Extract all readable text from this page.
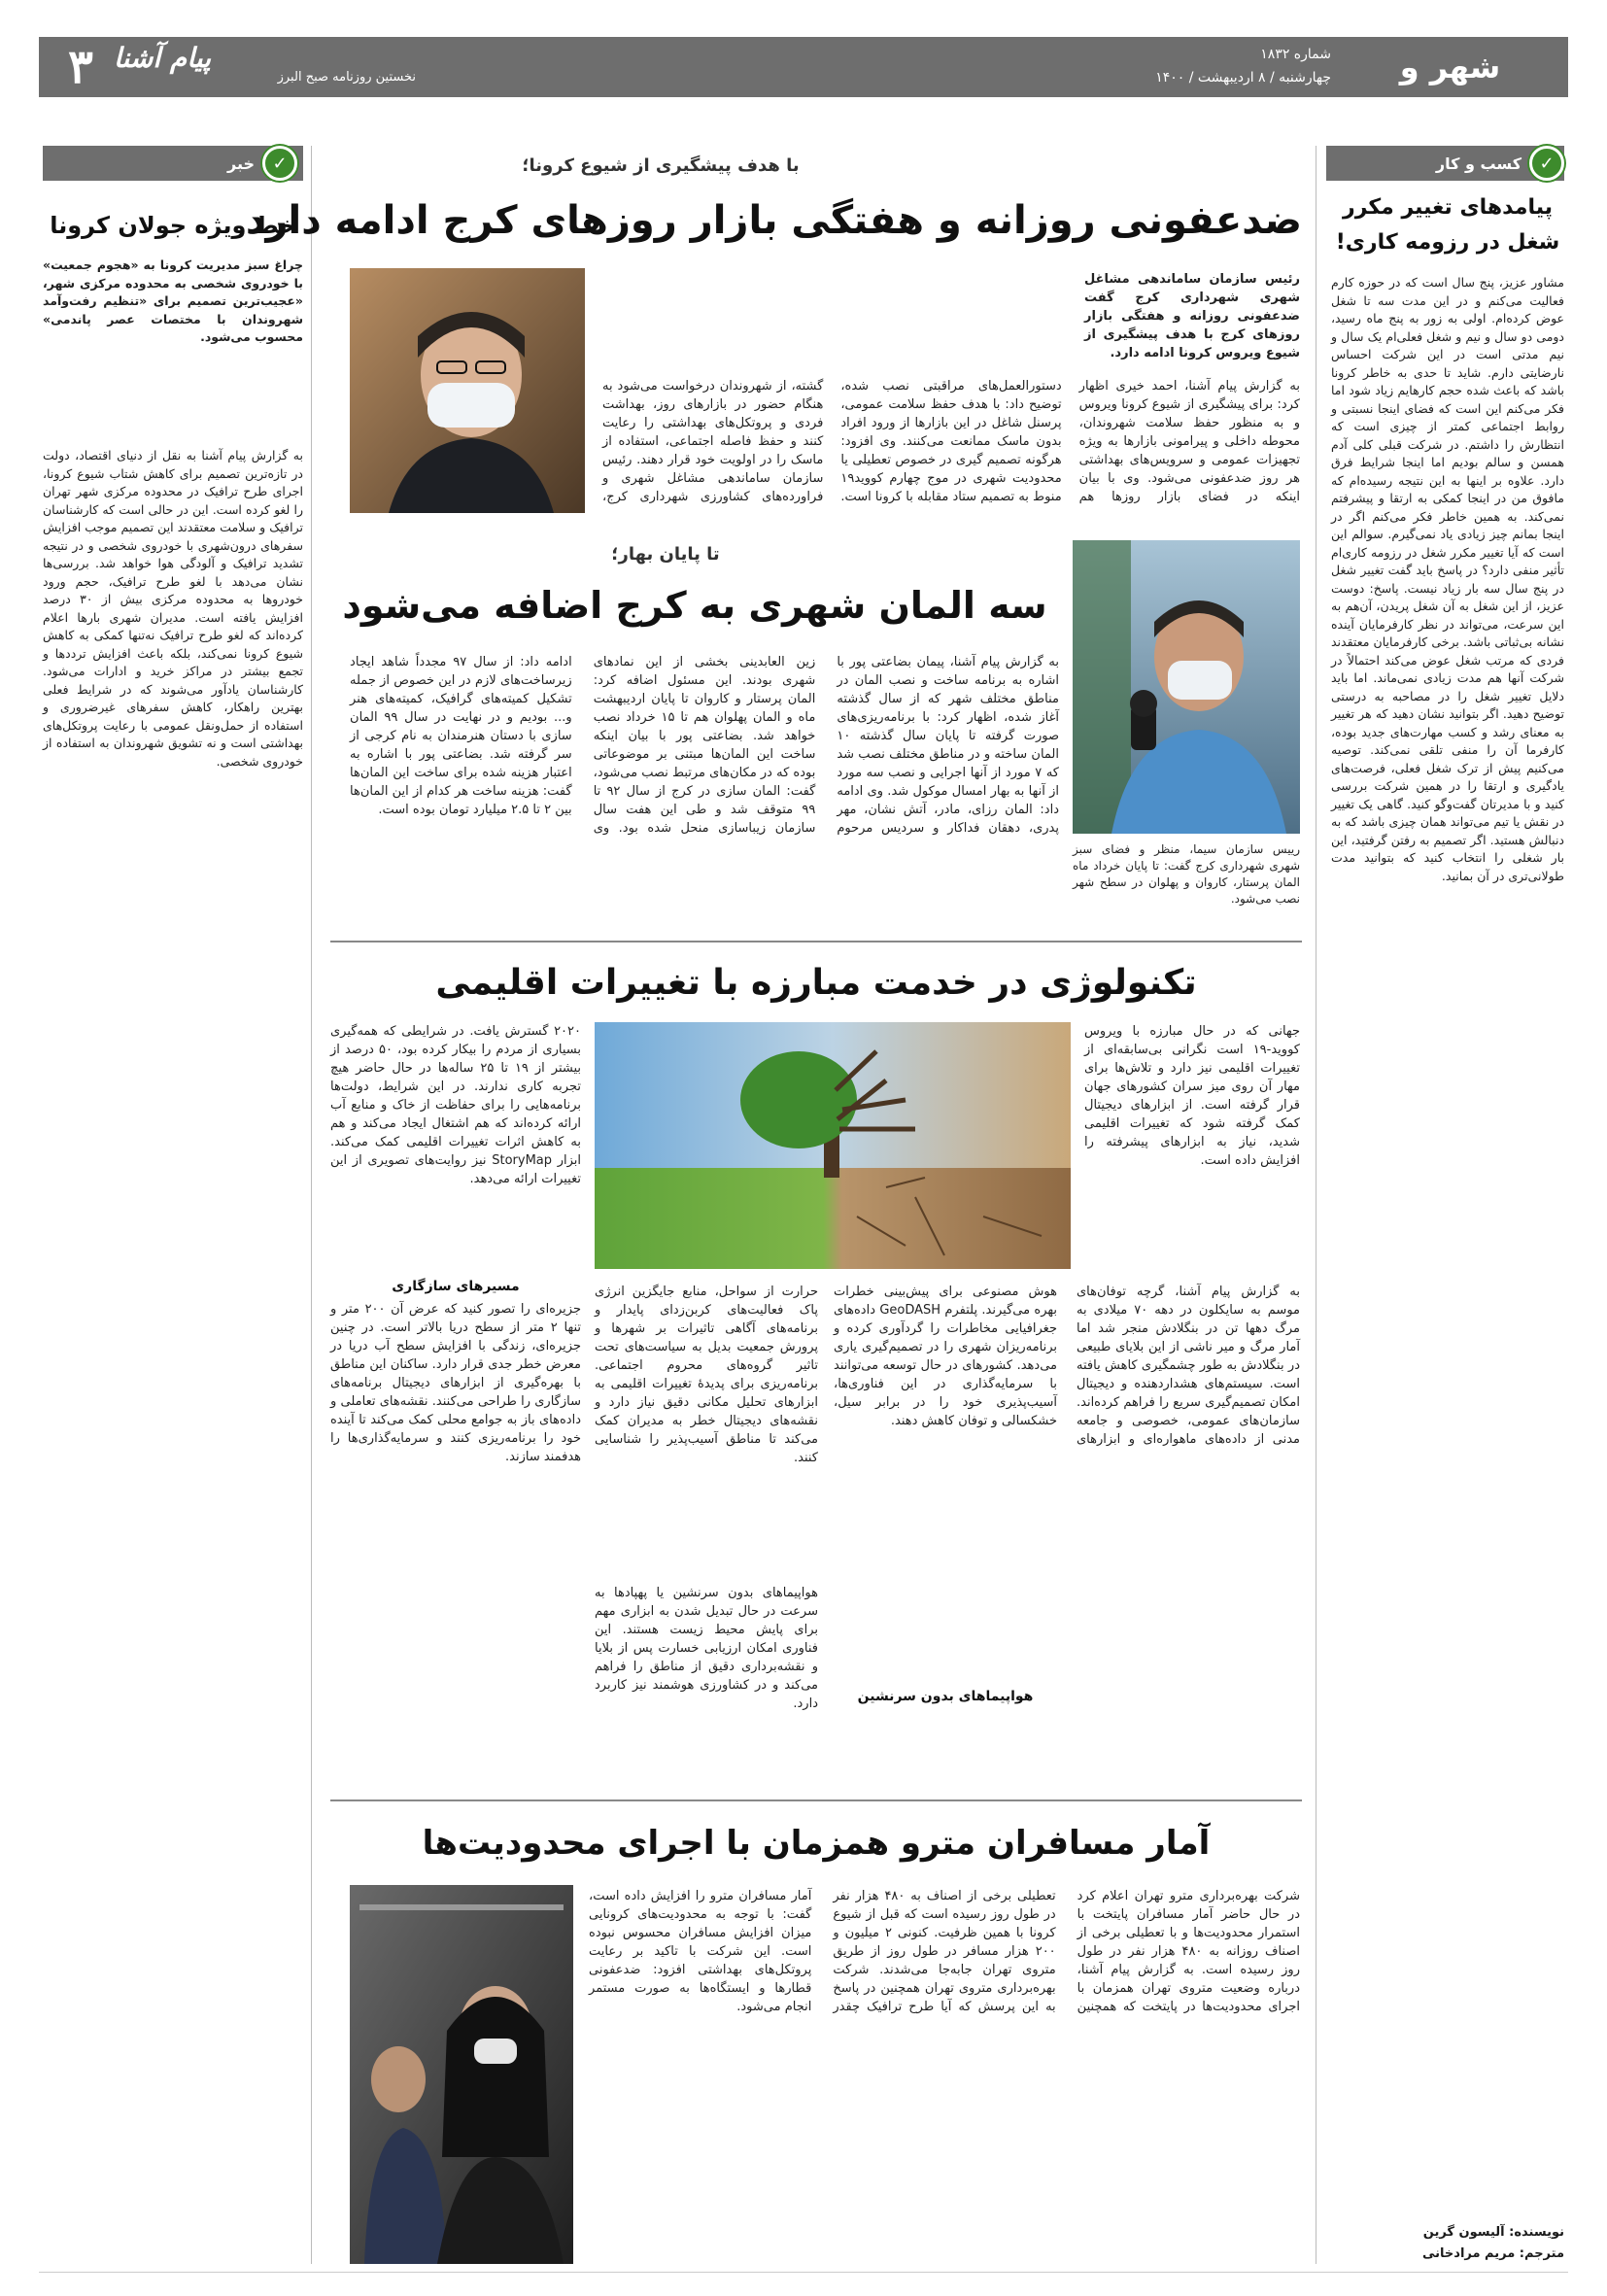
۳ پیام آشنا
نخستین روزنامه صبح البرز	شهر و شهروند
شماره ۱۸۳۲
چهارشنبه / ۸ اردیبهشت / ۱۴۰۰
✓
کسب و کار
پیامدهای تغییر مکرر شغل در رزومه کاری!
مشاور عزیز، پنج سال است که در حوزه کارم فعالیت می‌کنم و در این مدت سه تا شغل عوض کرده‌ام. اولی به زور به پنج ماه رسید، دومی دو سال و نیم و شغل فعلی‌ام یک سال و نیم مدتی است در این شرکت احساس نارضایتی دارم. شاید تا حدی به خاطر کرونا باشد که باعث شده حجم کارهایم زیاد شود اما فکر می‌کنم این است که فضای اینجا نسبتی و روابط اجتماعی کمتر از چیزی است که انتظارش را داشتم. در شرکت قبلی کلی آدم همسن و سالم بودیم اما اینجا شرایط فرق دارد. علاوه بر اینها به این نتیجه رسیده‌ام که مافوق من در اینجا کمکی به ارتقا و پیشرفتم نمی‌کند. به همین خاطر فکر می‌کنم اگر در اینجا بمانم چیز زیادی یاد نمی‌گیرم. سوالم این است که آیا تغییر مکرر شغل در رزومه کاری‌ام تأثیر منفی دارد؟ در پاسخ باید گفت تغییر شغل در پنج سال سه بار زیاد نیست. پاسخ: دوست عزیز، از این شغل به آن شغل پریدن، آن‌هم به این سرعت، می‌تواند در نظر کارفرمایان آینده نشانه بی‌ثباتی باشد. برخی کارفرمایان معتقدند فردی که مرتب شغل عوض می‌کند احتمالاً در شرکت آنها هم مدت زیادی نمی‌ماند. اما باید دلایل تغییر شغل را در مصاحبه به درستی توضیح دهید. اگر بتوانید نشان دهید که هر تغییر به معنای رشد و کسب مهارت‌های جدید بوده، کارفرما آن را منفی تلقی نمی‌کند. توصیه می‌کنیم پیش از ترک شغل فعلی، فرصت‌های یادگیری و ارتقا را در همین شرکت بررسی کنید و با مدیرتان گفت‌وگو کنید. گاهی یک تغییر در نقش یا تیم می‌تواند همان چیزی باشد که به دنبالش هستید. اگر تصمیم به رفتن گرفتید، این بار شغلی را انتخاب کنید که بتوانید مدت طولانی‌تری در آن بمانید.
نویسنده: آلیسون گرین
مترجم: مریم مرادخانی
✓
خبر
خط ویژه جولان کرونا
چراغ سبز مدیریت کرونا به «هجوم جمعیت» با خودروی شخصی به محدوده مرکزی شهر، «عجیب‌ترین تصمیم برای «تنظیم رفت‌وآمد شهروندان با مختصات عصر پاندمی» محسوب می‌شود.
به گزارش پیام آشنا به نقل از دنیای اقتصاد، دولت در تازه‌ترین تصمیم برای کاهش شتاب شیوع کرونا، اجرای طرح ترافیک در محدوده مرکزی شهر تهران را لغو کرده است. این در حالی است که کارشناسان ترافیک و سلامت معتقدند این تصمیم موجب افزایش سفرهای درون‌شهری با خودروی شخصی و در نتیجه تشدید ترافیک و آلودگی هوا خواهد شد. بررسی‌ها نشان می‌دهد با لغو طرح ترافیک، حجم ورود خودروها به محدوده مرکزی بیش از ۳۰ درصد افزایش یافته است. مدیران شهری بارها اعلام کرده‌اند که لغو طرح ترافیک نه‌تنها کمکی به کاهش شیوع کرونا نمی‌کند، بلکه باعث افزایش ترددها و تجمع بیشتر در مراکز خرید و ادارات می‌شود. کارشناسان یادآور می‌شوند که در شرایط فعلی بهترین راهکار، کاهش سفرهای غیرضروری و استفاده از حمل‌ونقل عمومی با رعایت پروتکل‌های بهداشتی است و نه تشویق شهروندان به استفاده از خودروی شخصی.
با هدف پیشگیری از شیوع کرونا؛
ضدعفونی روزانه و هفتگی بازار روزهای کرج ادامه دارد
رئیس سازمان ساماندهی مشاغل شهری شهرداری کرج گفت ضدعفونی روزانه و هفتگی بازار روزهای کرج با هدف پیشگیری از شیوع ویروس کرونا ادامه دارد.
به گزارش پیام آشنا، احمد خیری اظهار کرد: برای پیشگیری از شیوع کرونا ویروس و به منظور حفظ سلامت شهروندان، محوطه داخلی و پیرامونی بازارها به ویژه تجهیزات عمومی و سرویس‌های بهداشتی هر روز ضدعفونی می‌شود. وی با بیان اینکه در فضای بازار روزها هم دستورالعمل‌های مراقبتی نصب شده، توضیح داد: با هدف حفظ سلامت عمومی، پرسنل شاغل در این بازارها از ورود افراد بدون ماسک ممانعت می‌کنند. وی افزود: هرگونه تصمیم گیری در خصوص تعطیلی یا محدودیت شهری در موج چهارم کووید۱۹ منوط به تصمیم ستاد مقابله با کرونا است. گشته، از شهروندان درخواست می‌شود به هنگام حضور در بازارهای روز، بهداشت فردی و پروتکل‌های بهداشتی را رعایت کنند و حفظ فاصله اجتماعی، استفاده از ماسک را در اولویت خود قرار دهند. رئیس سازمان ساماندهی مشاغل شهری و فراورده‌های کشاورزی شهرداری کرج،
تا پایان بهار؛
سه المان شهری به کرج اضافه می‌شود
رییس سازمان سیما، منظر و فضای سبز شهری شهرداری کرج گفت: تا پایان خرداد ماه المان پرستار، کاروان و پهلوان در سطح شهر نصب می‌شود.
به گزارش پیام آشنا، پیمان بضاعتی پور با اشاره به برنامه ساخت و نصب المان در مناطق مختلف شهر که از سال گذشته آغاز شده، اظهار کرد: با برنامه‌ریزی‌های صورت گرفته تا پایان سال گذشته ۱۰ المان ساخته و در مناطق مختلف نصب شد که ۷ مورد از آنها اجرایی و نصب سه مورد از آنها به بهار امسال موکول شد. وی ادامه داد: المان رزای، مادر، آتش نشان، مهر پدری، دهقان فداکار و سردیس مرحوم زین العابدینی بخشی از این نمادهای شهری بودند. این مسئول اضافه کرد: المان پرستار و کاروان تا پایان اردیبهشت ماه و المان پهلوان هم تا ۱۵ خرداد نصب خواهد شد. بضاعتی پور با بیان اینکه ساخت این المان‌ها مبتنی بر موضوعاتی بوده که در مکان‌های مرتبط نصب می‌شود، گفت: المان سازی در کرج از سال ۹۲ تا ۹۹ متوقف شد و طی این هفت سال سازمان زیباسازی منحل شده بود. وی ادامه داد: از سال ۹۷ مجدداً شاهد ایجاد زیرساخت‌های لازم در این خصوص از جمله تشکیل کمیته‌های گرافیک، کمیته‌های هنر و... بودیم و در نهایت در سال ۹۹ المان سازی با دستان هنرمندان به نام کرجی از سر گرفته شد. بضاعتی پور با اشاره به اعتبار هزینه شده برای ساخت این المان‌ها گفت: هزینه ساخت هر کدام از این المان‌ها بین ۲ تا ۲.۵ میلیارد تومان بوده است.
تکنولوژی در خدمت مبارزه با تغییرات اقلیمی
جهانی که در حال مبارزه با ویروس کووید-۱۹ است نگرانی بی‌سابقه‌ای از تغییرات اقلیمی نیز دارد و تلاش‌ها برای مهار آن روی میز سران کشورهای جهان قرار گرفته است. از ابزارهای دیجیتال کمک گرفته شود که تغییرات اقلیمی شدید، نیاز به ابزارهای پیشرفته را افزایش داده است.
به گزارش پیام آشنا، گرچه توفان‌های موسم به سایکلون در دهه ۷۰ میلادی به مرگ دهها تن در بنگلادش منجر شد اما آمار مرگ و میر ناشی از این بلایای طبیعی در بنگلادش به طور چشمگیری کاهش یافته است. سیستم‌های هشداردهنده و دیجیتال امکان تصمیم‌گیری سریع را فراهم کرده‌اند. سازمان‌های عمومی، خصوصی و جامعه مدنی از داده‌های ماهواره‌ای و ابزارهای هوش مصنوعی برای پیش‌بینی خطرات بهره می‌گیرند. پلتفرم GeoDASH داده‌های جغرافیایی مخاطرات را گردآوری کرده و برنامه‌ریزان شهری را در تصمیم‌گیری یاری می‌دهد. کشورهای در حال توسعه می‌توانند با سرمایه‌گذاری در این فناوری‌ها، آسیب‌پذیری خود را در برابر سیل، خشکسالی و توفان کاهش دهند.
حرارت از سواحل، منابع جایگزین انرژی پاک فعالیت‌های کربن‌زدای پایدار و برنامه‌های آگاهی تاثیرات بر شهرها و پرورش جمعیت بدیل به سیاست‌های تحت تاثیر گروه‌های محروم اجتماعی. برنامه‌ریزی برای پدیدهٔ تغییرات اقلیمی به ابزارهای تحلیل مکانی دقیق نیاز دارد و نقشه‌های دیجیتال خطر به مدیران کمک می‌کند تا مناطق آسیب‌پذیر را شناسایی کنند.
هواپیماهای بدون سرنشین
هواپیماهای بدون سرنشین یا پهپادها به سرعت در حال تبدیل شدن به ابزاری مهم برای پایش محیط زیست هستند. این فناوری امکان ارزیابی خسارت پس از بلایا و نقشه‌برداری دقیق از مناطق را فراهم می‌کند و در کشاورزی هوشمند نیز کاربرد دارد.
۲۰۲۰ گسترش یافت. در شرایطی که همه‌گیری بسیاری از مردم را بیکار کرده بود، ۵۰ درصد از بیشتر از ۱۹ تا ۲۵ ساله‌ها در حال حاضر هیچ تجربه کاری ندارند. در این شرایط، دولت‌ها برنامه‌هایی را برای حفاظت از خاک و منابع آب ارائه کرده‌اند که هم اشتغال ایجاد می‌کند و هم به کاهش اثرات تغییرات اقلیمی کمک می‌کند. ابزار StoryMap نیز روایت‌های تصویری از این تغییرات ارائه می‌دهد.
مسیرهای سازگاری
جزیره‌ای را تصور کنید که عرض آن ۲۰۰ متر و تنها ۲ متر از سطح دریا بالاتر است. در چنین جزیره‌ای، زندگی با افزایش سطح آب دریا در معرض خطر جدی قرار دارد. ساکنان این مناطق با بهره‌گیری از ابزارهای دیجیتال برنامه‌های سازگاری را طراحی می‌کنند. نقشه‌های تعاملی و داده‌های باز به جوامع محلی کمک می‌کند تا آینده خود را برنامه‌ریزی کنند و سرمایه‌گذاری‌ها را هدفمند سازند.
آمار مسافران مترو همزمان با اجرای محدودیت‌ها
شرکت بهره‌برداری مترو تهران اعلام کرد در حال حاضر آمار مسافران پایتخت با استمرار محدودیت‌ها و با تعطیلی برخی از اصناف روزانه به ۴۸۰ هزار نفر در طول روز رسیده است. به گزارش پیام آشنا، درباره وضعیت متروی تهران همزمان با اجرای محدودیت‌ها در پایتخت که همچنین تعطیلی برخی از اصناف به ۴۸۰ هزار نفر در طول روز رسیده است که قبل از شیوع کرونا با همین ظرفیت. کنونی ۲ میلیون و ۲۰۰ هزار مسافر در طول روز از طریق متروی تهران جابه‌جا می‌شدند. شرکت بهره‌برداری متروی تهران همچنین در پاسخ به این پرسش که آیا طرح ترافیک چقدر آمار مسافران مترو را افزایش داده است، گفت: با توجه به محدودیت‌های کرونایی میزان افزایش مسافران محسوس نبوده است. این شرکت با تاکید بر رعایت پروتکل‌های بهداشتی افزود: ضدعفونی قطارها و ایستگاه‌ها به صورت مستمر انجام می‌شود.
